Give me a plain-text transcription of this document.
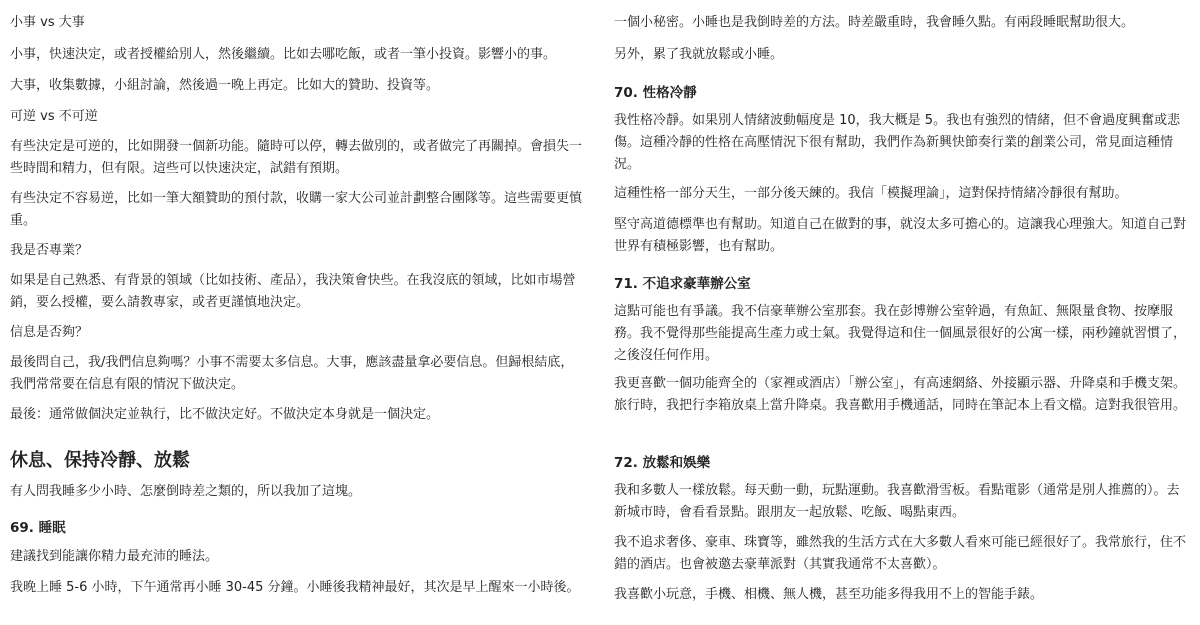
小事 vs 大事

小事，快速決定，或者授權給別人，然後繼續。比如去哪吃飯，或者一筆小投資。影響小的事。

大事，收集數據，小組討論，然後過一晚上再定。比如大的贊助、投資等。

可逆 vs 不可逆

有些決定是可逆的，比如開發一個新功能。隨時可以停，轉去做別的，或者做完了再關掉。會損失一些時間和精力，但有限。這些可以快速決定，試錯有預期。

有些決定不容易逆，比如一筆大額贊助的預付款，收購一家大公司並計劃整合團隊等。這些需要更慎重。

我是否專業？

如果是自己熟悉、有背景的領域（比如技術、產品），我決策會快些。在我沒底的領域，比如市場營銷，要么授權，要么請教專家，或者更謹慎地決定。

信息是否夠？

最後問自己，我/我們信息夠嗎？小事不需要太多信息。大事，應該盡量拿必要信息。但歸根結底，我們常常要在信息有限的情況下做決定。

最後：通常做個決定並執行，比不做決定好。不做決定本身就是一個決定。

休息、保持冷靜、放鬆

有人問我睡多少小時、怎麼倒時差之類的，所以我加了這塊。

69. 睡眠

建議找到能讓你精力最充沛的睡法。

我晚上睡 5-6 小時，下午通常再小睡 30-45 分鐘。小睡後我精神最好，其次是早上醒來一小時後。

一個小秘密。小睡也是我倒時差的方法。時差嚴重時，我會睡久點。有兩段睡眠幫助很大。

另外，累了我就放鬆或小睡。

70. 性格冷靜

我性格冷靜。如果別人情緒波動幅度是 10，我大概是 5。我也有強烈的情緒，但不會過度興奮或悲傷。這種冷靜的性格在高壓情況下很有幫助，我們作為新興快節奏行業的創業公司，常見面這種情況。

這種性格一部分天生，一部分後天練的。我信「模擬理論」，這對保持情緒冷靜很有幫助。

堅守高道德標準也有幫助。知道自己在做對的事，就沒太多可擔心的。這讓我心理強大。知道自己對世界有積極影響，也有幫助。

71. 不追求豪華辦公室

這點可能也有爭議。我不信豪華辦公室那套。我在彭博辦公室幹過，有魚缸、無限量食物、按摩服務。我不覺得那些能提高生產力或士氣。我覺得這和住一個風景很好的公寓一樣，兩秒鐘就習慣了，之後沒任何作用。

我更喜歡一個功能齊全的（家裡或酒店）「辦公室」，有高速網絡、外接顯示器、升降桌和手機支架。旅行時，我把行李箱放桌上當升降桌。我喜歡用手機通話，同時在筆記本上看文檔。這對我很管用。

72. 放鬆和娛樂

我和多數人一樣放鬆。每天動一動，玩點運動。我喜歡滑雪板。看點電影（通常是別人推薦的）。去新城市時，會看看景點。跟朋友一起放鬆、吃飯、喝點東西。

我不追求奢侈、豪車、珠寶等，雖然我的生活方式在大多數人看來可能已經很好了。我常旅行，住不錯的酒店。也會被邀去豪華派對（其實我通常不太喜歡）。

我喜歡小玩意，手機、相機、無人機，甚至功能多得我用不上的智能手錶。
